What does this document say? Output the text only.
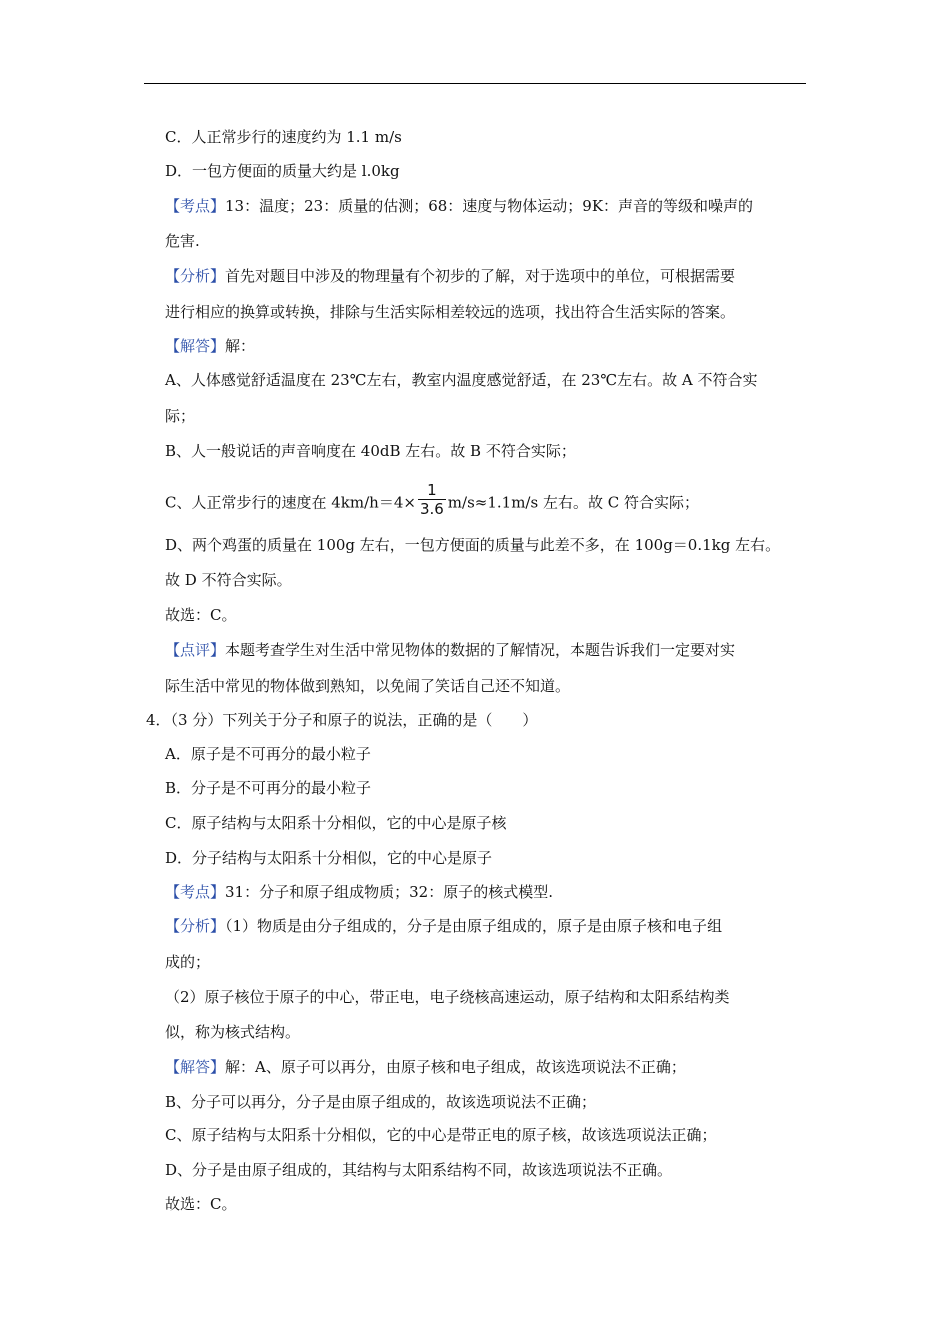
C．人正常步行的速度约为 1.1 m/s
D．一包方便面的质量大约是 l.0kg
【考点】13：温度；23：质量的估测；68：速度与物体运动；9K：声音的等级和噪声的
危害.
【分析】首先对题目中涉及的物理量有个初步的了解，对于选项中的单位，可根据需要
进行相应的换算或转换，排除与生活实际相差较远的选项，找出符合生活实际的答案。
【解答】解：
A、人体感觉舒适温度在 23℃左右，教室内温度感觉舒适，在 23℃左右。故 A 不符合实
际；
B、人一般说话的声音响度在 40dB 左右。故 B 不符合实际；
C、人正常步行的速度在 $4km/h=4\times \frac{1}{3.6} m/s\approx 1.1m/s$ 左右。故 C 符合实际；
D、两个鸡蛋的质量在 100g 左右，一包方便面的质量与此差不多，在 100g＝0.1kg 左右。
故 D 不符合实际。
故选：C。
【点评】本题考查学生对生活中常见物体的数据的了解情况，本题告诉我们一定要对实
际生活中常见的物体做到熟知，以免闹了笑话自己还不知道。
4．（3 分）下列关于分子和原子的说法，正确的是（　　）
A．原子是不可再分的最小粒子
B．分子是不可再分的最小粒子
C．原子结构与太阳系十分相似，它的中心是原子核
D．分子结构与太阳系十分相似，它的中心是原子
【考点】31：分子和原子组成物质；32：原子的核式模型.
【分析】（1）物质是由分子组成的，分子是由原子组成的，原子是由原子核和电子组
成的；
（2）原子核位于原子的中心，带正电，电子绕核高速运动，原子结构和太阳系结构类
似，称为核式结构。
【解答】解：A、原子可以再分，由原子核和电子组成，故该选项说法不正确；
B、分子可以再分，分子是由原子组成的，故该选项说法不正确；
C、原子结构与太阳系十分相似，它的中心是带正电的原子核，故该选项说法正确；
D、分子是由原子组成的，其结构与太阳系结构不同，故该选项说法不正确。
故选：C。
